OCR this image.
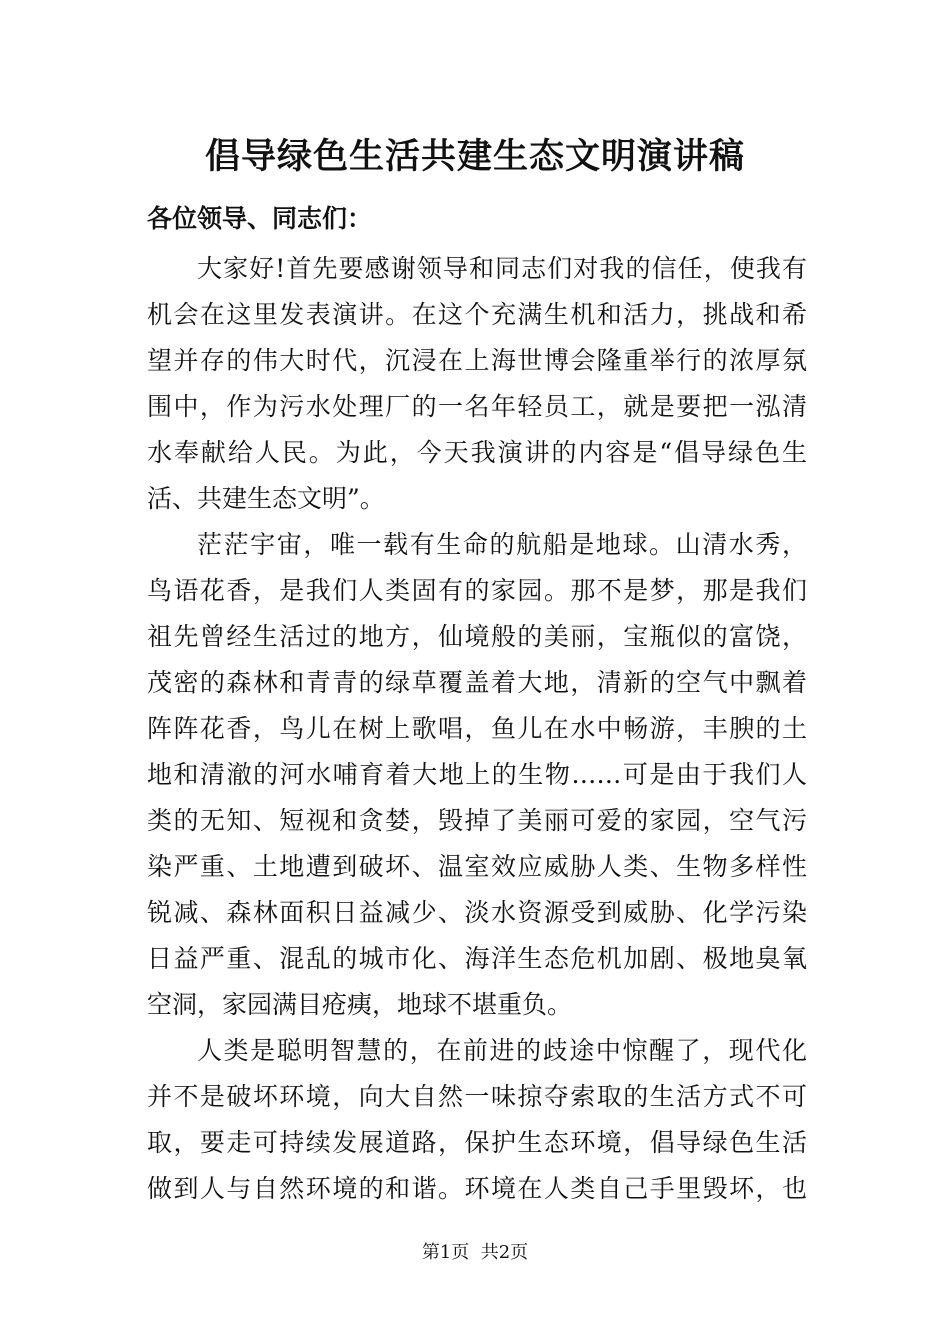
倡导绿色生活共建生态文明演讲稿
各位领导、同志们：
大家好!首先要感谢领导和同志们对我的信任，使我有
机会在这里发表演讲。在这个充满生机和活力，挑战和希
望并存的伟大时代，沉浸在上海世博会隆重举行的浓厚氛
围中，作为污水处理厂的一名年轻员工，就是要把一泓清
水奉献给人民。为此，今天我演讲的内容是“倡导绿色生
活、共建生态文明”。
茫茫宇宙，唯一载有生命的航船是地球。山清水秀，
鸟语花香，是我们人类固有的家园。那不是梦，那是我们
祖先曾经生活过的地方，仙境般的美丽，宝瓶似的富饶，
茂密的森林和青青的绿草覆盖着大地，清新的空气中飘着
阵阵花香，鸟儿在树上歌唱，鱼儿在水中畅游，丰腴的土
地和清澈的河水哺育着大地上的生物……可是由于我们人
类的无知、短视和贪婪，毁掉了美丽可爱的家园，空气污
染严重、土地遭到破坏、温室效应威胁人类、生物多样性
锐减、森林面积日益减少、淡水资源受到威胁、化学污染
日益严重、混乱的城市化、海洋生态危机加剧、极地臭氧
空洞，家园满目疮痍，地球不堪重负。
人类是聪明智慧的，在前进的歧途中惊醒了，现代化
并不是破坏环境，向大自然一味掠夺索取的生活方式不可
取，要走可持续发展道路，保护生态环境，倡导绿色生活
做到人与自然环境的和谐。环境在人类自己手里毁坏，也
第1页  共2页
